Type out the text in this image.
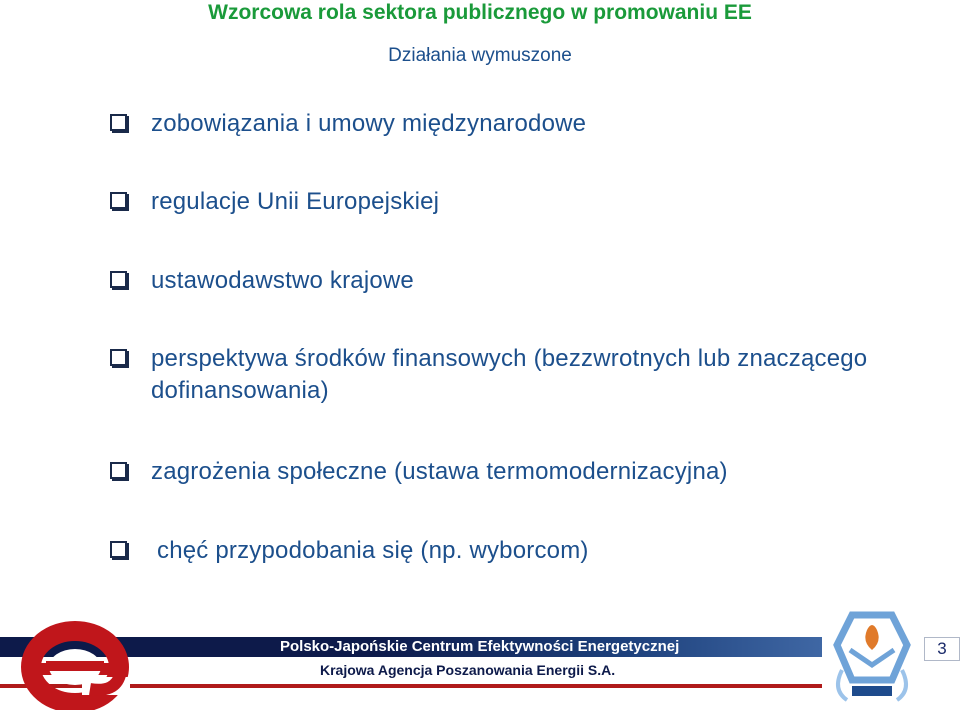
Wzorcowa rola sektora publicznego w promowaniu EE
Działania wymuszone
zobowiązania i umowy międzynarodowe
regulacje Unii Europejskiej
ustawodawstwo krajowe
perspektywa środków finansowych (bezzwrotnych lub znaczącego dofinansowania)
zagrożenia społeczne (ustawa termomodernizacyjna)
chęć przypodobania się (np. wyborcom)
Polsko-Japońskie Centrum Efektywności Energetycznej
Krajowa Agencja Poszanowania Energii S.A.
3
